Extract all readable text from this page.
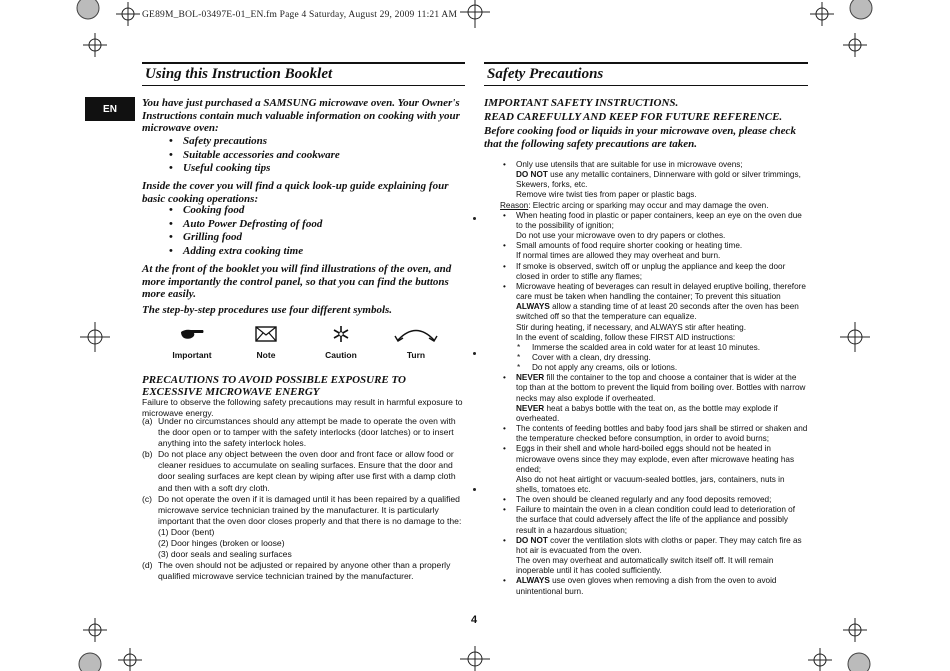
GE89M_BOL-03497E-01_EN.fm Page 4 Saturday, August 29, 2009 11:21 AM
Using this Instruction Booklet
EN	You have just purchased a SAMSUNG microwave oven. Your Owner's Instructions contain much valuable information on cooking with your microwave oven:
• Safety precautions
• Suitable accessories and cookware
• Useful cooking tips
Inside the cover you will find a quick look-up guide explaining four basic cooking operations:
• Cooking food
• Auto Power Defrosting of food
• Grilling food
• Adding extra cooking time
At the front of the booklet you will find illustrations of the oven, and more importantly the control panel, so that you can find the buttons more easily.
The step-by-step procedures use four different symbols.
Important	Note	Caution	Turn
PRECAUTIONS TO AVOID POSSIBLE EXPOSURE TO
EXCESSIVE MICROWAVE ENERGY
Failure to observe the following safety precautions may result in harmful exposure to microwave energy.
(a) Under no circumstances should any attempt be made to operate the oven with the door open or to tamper with the safety interlocks (door latches) or to insert anything into the safety interlock holes.
(b) Do not place any object between the oven door and front face or allow food or cleaner residues to accumulate on sealing surfaces. Ensure that the door and door sealing surfaces are kept clean by wiping after use first with a damp cloth and then with a soft dry cloth.
(c) Do not operate the oven if it is damaged until it has been repaired by a qualified microwave service technician trained by the manufacturer. It is particularly important that the oven door closes properly and that there is no damage to the:
(1) Door (bent)
(2) Door hinges (broken or loose)
(3) door seals and sealing surfaces
(d) The oven should not be adjusted or repaired by anyone other than a properly qualified microwave service technician trained by the manufacturer.
Safety Precautions
IMPORTANT SAFETY INSTRUCTIONS.
READ CAREFULLY AND KEEP FOR FUTURE REFERENCE.
Before cooking food or liquids in your microwave oven, please check that the following safety precautions are taken.
• Only use utensils that are suitable for use in microwave ovens;
DO NOT use any metallic containers, Dinnerware with gold or silver trimmings, Skewers, forks, etc.
Remove wire twist ties from paper or plastic bags.
Reason: Electric arcing or sparking may occur and may damage the oven.
• When heating food in plastic or paper containers, keep an eye on the oven due to the possibility of ignition;
Do not use your microwave oven to dry papers or clothes.
• Small amounts of food require shorter cooking or heating time.
If normal times are allowed they may overheat and burn.
• If smoke is observed, switch off or unplug the appliance and keep the door closed in order to stifle any flames;
• Microwave heating of beverages can result in delayed eruptive boiling, therefore care must be taken when handling the container; To prevent this situation
ALWAYS allow a standing time of at least 20 seconds after the oven has been switched off so that the temperature can equalize.
Stir during heating, if necessary, and ALWAYS stir after heating.
In the event of scalding, follow these FIRST AID instructions:
* Immerse the scalded area in cold water for at least 10 minutes.
* Cover with a clean, dry dressing.
* Do not apply any creams, oils or lotions.
• NEVER fill the container to the top and choose a container that is wider at the top than at the bottom to prevent the liquid from boiling over. Bottles with narrow necks may also explode if overheated.
NEVER heat a babys bottle with the teat on, as the bottle may explode if overheated.
• The contents of feeding bottles and baby food jars shall be stirred or shaken and the temperature checked before consumption, in order to avoid burns;
• Eggs in their shell and whole hard-boiled eggs should not be heated in microwave ovens since they may explode, even after microwave heating has ended;
Also do not heat airtight or vacuum-sealed bottles, jars, containers, nuts in shells, tomatoes etc.
• The oven should be cleaned regularly and any food deposits removed;
• Failure to maintain the oven in a clean condition could lead to deterioration of the surface that could adversely affect the life of the appliance and possibly result in a hazardous situation;
• DO NOT cover the ventilation slots with cloths or paper. They may catch fire as hot air is evacuated from the oven.
The oven may overheat and automatically switch itself off. It will remain inoperable until it has cooled sufficiently.
• ALWAYS use oven gloves when removing a dish from the oven to avoid unintentional burn.
4
